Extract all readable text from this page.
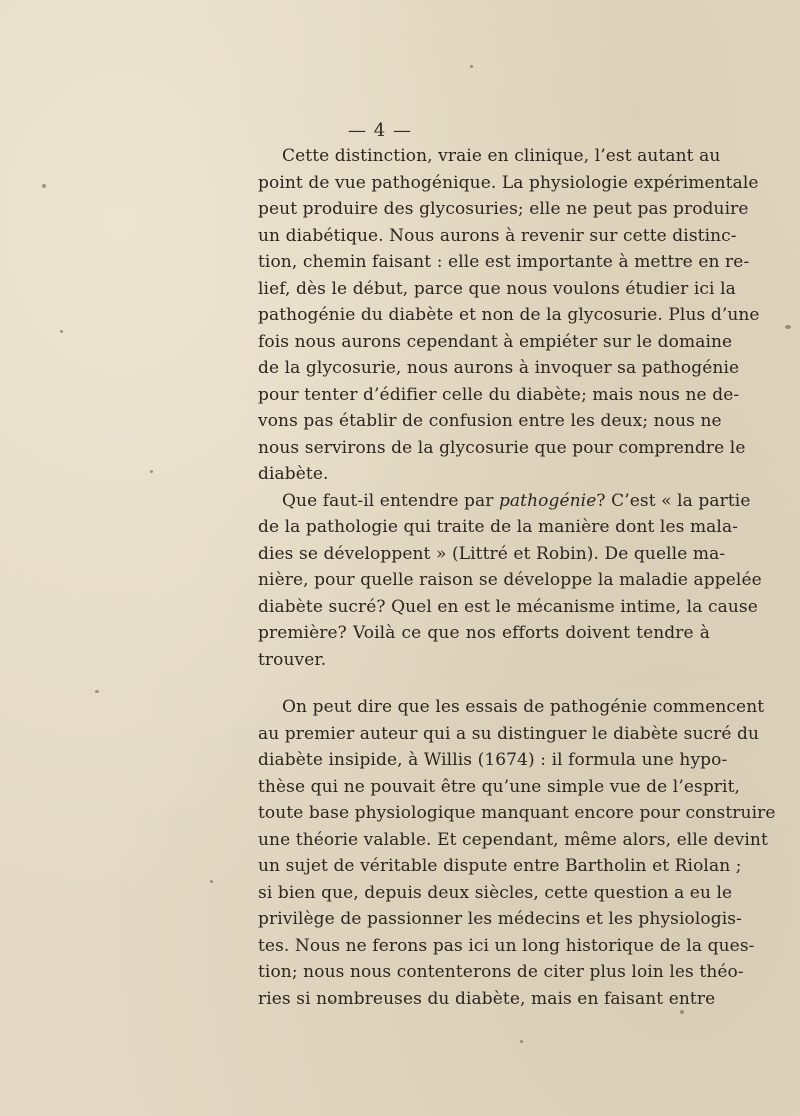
— 4 —
Cette distinction, vraie en clinique, l’est autant au
point de vue pathogénique. La physiologie expérimentale
peut produire des glycosuries; elle ne peut pas produire
un diabétique. Nous aurons à revenir sur cette distinc-
tion, chemin faisant : elle est importante à mettre en re-
lief, dès le début, parce que nous voulons étudier ici la
pathogénie du diabète et non de la glycosurie. Plus d’une
fois nous aurons cependant à empiéter sur le domaine
de la glycosurie, nous aurons à invoquer sa pathogénie
pour tenter d’édifier celle du diabète; mais nous ne de-
vons pas établir de confusion entre les deux; nous ne
nous servirons de la glycosurie que pour comprendre le
diabète.
Que faut-il entendre par pathogénie? C’est « la partie
de la pathologie qui traite de la manière dont les mala-
dies se développent » (Littré et Robin). De quelle ma-
nière, pour quelle raison se développe la maladie appelée
diabète sucré? Quel en est le mécanisme intime, la cause
première? Voilà ce que nos efforts doivent tendre à
trouver.
On peut dire que les essais de pathogénie commencent
au premier auteur qui a su distinguer le diabète sucré du
diabète insipide, à Willis (1674) : il formula une hypo-
thèse qui ne pouvait être qu’une simple vue de l’esprit,
toute base physiologique manquant encore pour construire
une théorie valable. Et cependant, même alors, elle devint
un sujet de véritable dispute entre Bartholin et Riolan ;
si bien que, depuis deux siècles, cette question a eu le
privilège de passionner les médecins et les physiologis-
tes. Nous ne ferons pas ici un long historique de la ques-
tion; nous nous contenterons de citer plus loin les théo-
ries si nombreuses du diabète, mais en faisant entre
